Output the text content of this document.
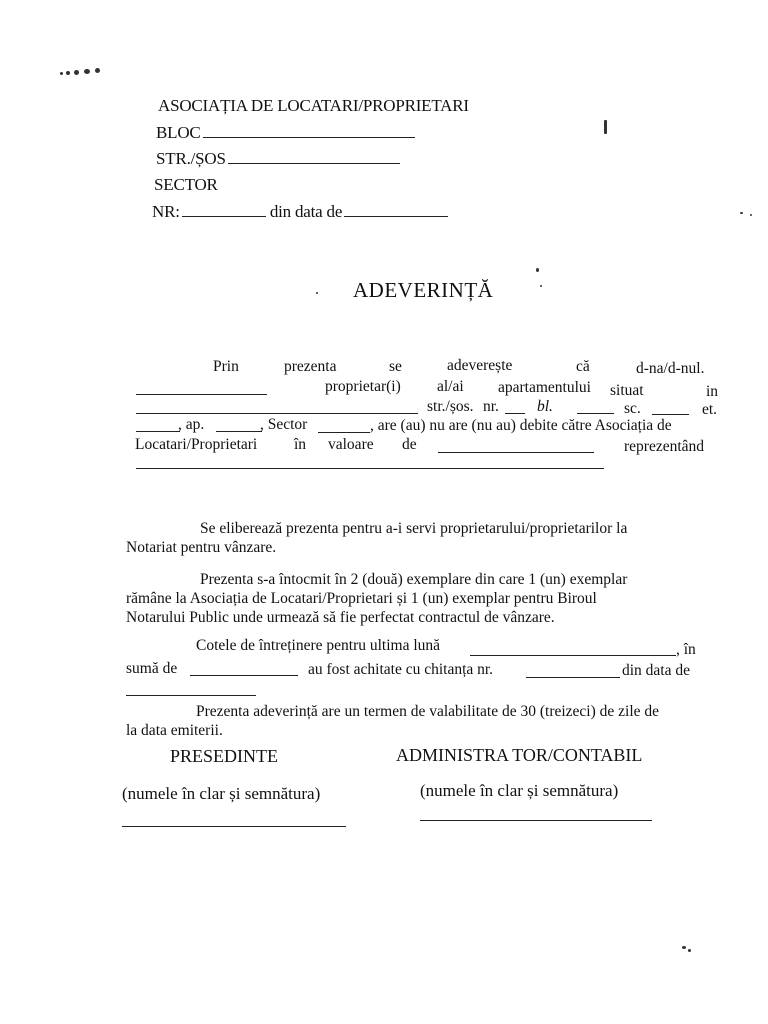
ASOCIAȚIA DE LOCATARI/PROPRIETARI
BLOC
STR./ȘOS
SECTOR
NR:	din data de
ADEVERINȚĂ
Prin	prezenta	se	adeverește	că	d-na/d-nul.
proprietar(i) al/ai apartamentului situat	in
str./șos. nr. bl.	sc.	et.
, ap.	, Sector	, are (au) nu are (nu au) debite către Asociația de
Locatari/Proprietari în valoare de	reprezentând
Se eliberează prezenta pentru a-i servi proprietarului/proprietarilor la
Notariat pentru vânzare.
Prezenta s-a întocmit în 2 (două) exemplare din care 1 (un) exemplar
rămâne la Asociația de Locatari/Proprietari și 1 (un) exemplar pentru Biroul
Notarului Public unde urmează să fie perfectat contractul de vânzare.
Cotele de întreținere pentru ultima lună	, în
sumă de	au fost achitate cu chitanța nr.	din data de
Prezenta adeverință are un termen de valabilitate de 30 (treizeci) de zile de
la data emiterii.
PRESEDINTE
(numele în clar și semnătura)
ADMINISTRA TOR/CONTABIL
(numele în clar și semnătura)
